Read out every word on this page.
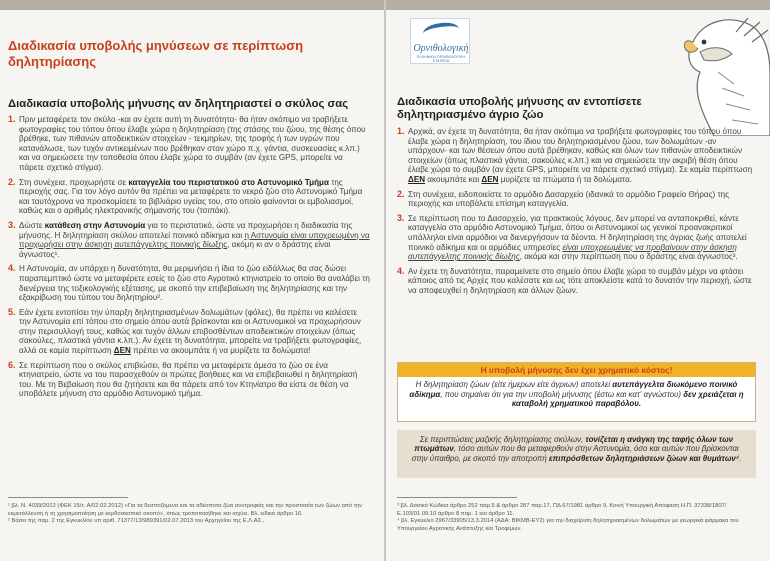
Διαδικασία υποβολής μηνύσεων σε περίπτωση δηλητηρίασης
Διαδικασία υποβολής μήνυσης αν δηλητηριαστεί ο σκύλος σας
1. Πριν μεταφέρετε τον σκύλο -και αν έχετε αυτή τη δυνατότητα- θα ήταν σκόπιμο να τραβήξετε φωτογραφίες του τόπου όπου έλαβε χώρα η δηλητηρίαση (της στάσης του ζώου, της θέσης όπου βρέθηκε, των πιθανών αποδεικτικών στοιχείων - τεκμηρίων, της τροφής ή των υγρών που κατανάλωσε, των τυχόν αντικειμένων που βρέθηκαν στον χώρο π.χ. γάντια, συσκευασίες κ.λπ.) και να σημειώσετε την τοποθεσία όπου έλαβε χώρα το συμβάν (αν έχετε GPS, μπορείτε να πάρετε σχετικό στίγμα).
2. Στη συνέχεια, προχωρήστε σε καταγγελία του περιστατικού στο Αστυνομικό Τμήμα της περιοχής σας. Για τον λόγο αυτόν θα πρέπει να μεταφέρετε το νεκρό ζώο στο Αστυνομικό Τμήμα και ταυτόχρονα να προσκομίσετε το βιβλιάριο υγείας του, στο οποίο φαίνονται οι εμβολιασμοί, καθώς και ο αριθμός ηλεκτρονικής σήμανσής του (τσιπάκι).
3. Δώστε κατάθεση στην Αστυνομία για το περιστατικό, ώστε να προχωρήσει η διαδικασία της μήνυσης. Η δηλητηρίαση σκύλου αποτελεί ποινικό αδίκημα και η Αστυνομία είναι υποχρεωμένη να προχωρήσει στην άσκηση αυτεπάγγελτης ποινικής δίωξης, ακόμη κι αν ο δράστης είναι άγνωστος¹.
4. Η Αστυνομία, αν υπάρχει η δυνατότητα, θα μεριμνήσει ή ίδια το ζώο ειδάλλως θα σας δώσει παραπεμπτικό ώστε να μεταφέρετε εσείς το ζώο στο Αγροτικό κτηνιατρείο το οποίο θα αναλάβει τη διενέργεια της τοξικολογικής εξέτασης, με σκοπό την επιβεβαίωση της δηλητηρίασης και την εξακρίβωση του τύπου του δηλητηρίου².
5. Εάν έχετε εντοπίσει την ύπαρξη δηλητηριασμένων δολωμάτων (φόλες), θα πρέπει να καλέσετε την Αστυνομία επί τόπου στο σημείο όπου αυτά βρίσκονται και οι Αστυνομικοί να προχωρήσουν στην περισυλλογή τους, καθώς και τυχόν άλλων επιβοσθέντων αποδεικτικών στοιχείων (όπως σακούλες, πλαστικά γάντια κ.λπ.). Αν έχετε τη δυνατότητα, μπορείτε να τραβήξετε φωτογραφίες, αλλά σε καμία περίπτωση ΔΕΝ πρέπει να ακουμπάτε ή να μυρίζετε τα δολώματα!
6. Σε περίπτωση που ο σκύλος επιβιώσει, θα πρέπει να μεταφέρετε άμεσα το ζώο σε ένα κτηνιατρείο, ώστε να του παρασχεθούν οι πρώτες βοήθειες και να επιβεβαιωθεί η δηλητηρίασή του. Με τη Βεβαίωση που θα ζητήσετε και θα πάρετε από τον Κτηνίατρο θα είστε σε θέση να υποβάλετε μήνυση στο αρμόδιο Αστυνομικό τμήμα.
¹ βλ. Ν. 4039/2012 (ΦΕΚ 15/τ. Α/02.02.2012) «Για τα δεσποζόμενα και τα αδέσποτα ζώα συντροφιάς και την προστασία των ζώων από την εκμετάλλευση ή τη χρησιμοποίηση με κερδοσκοπικό σκοπό», όπως τροποποιήθηκε και ισχύει. Βλ. ειδικά άρθρο 16.
² Βάσει της παρ. 2 της Εγκυκλίου υπ αριθ. 71377/13/989391/02.07.2013 του Αρχηγείου της Ε.Λ.ΑΣ..
Ορνιθολογική
ΕΛΛΗΝΙΚΗ ΟΡΝΙΘΟΛΟΓΙΚΗ ΕΤΑΙΡΕΙΑ
Διαδικασία υποβολής μήνυσης αν εντοπίσετε δηλητηριασμένο άγριο ζώο
1. Αρχικά, αν έχετε τη δυνατότητα, θα ήταν σκόπιμο να τραβήξετε φωτογραφίες του τόπου όπου έλαβε χώρα η δηλητηρίαση, του ίδιου του δηλητηριασμένου ζώου, των δολωμάτων -αν υπάρχουν- και των θέσεων όπου αυτά βρέθηκαν, καθώς και όλων των πιθανών αποδεικτικών στοιχείων (όπως πλαστικά γάντια, σακούλες κ.λπ.) και να σημειώσετε την ακριβή θέση όπου έλαβε χώρα το συμβάν (αν έχετε GPS, μπορείτε να πάρετε σχετικό στίγμα). Σε καμία περίπτωση ΔΕΝ ακουμπάτε και ΔΕΝ μυρίζετε τα πτώματα ή τα δολώματα.
2. Στη συνέχεια, ειδοποιείστε το αρμόδιο Δασαρχείο (ιδανικά το αρμόδιο Γραφείο Θήρας) της περιοχής και υποβάλετε επίσημη καταγγελία.
3. Σε περίπτωση που το Δασαρχείο, για πρακτικούς λόγους, δεν μπορεί να ανταποκριθεί, κάντε καταγγελία στο αρμόδιο Αστυνομικό Τμήμα, όπου οι Αστυνομικοί ως γενικοί προανακριτικοί υπάλληλοι είναι αρμόδιοι να διενεργήσουν τα δέοντα. Η δηλητηρίαση της άγριας ζωής αποτελεί ποινικό αδίκημα και οι αρμόδιες υπηρεσίες είναι υποχρεωμένες να προβαίνουν στην άσκηση αυτεπάγγελτης ποινικής δίωξης, ακόμα και στην περίπτωση που ο δράστης είναι άγνωστος³.
4. Αν έχετε τη δυνατότητα, παραμείνετε στο σημείο όπου έλαβε χώρα το συμβάν μέχρι να φτάσει κάποιος από τις Αρχές που καλέσατε και ως τότε αποκλείστε κατά το δυνατόν την περιοχή, ώστε να αποφευχθεί η δηλητηρίαση και άλλων ζώων.
Η υποβολή μήνυσης δεν έχει χρηματικό κόστος!
Η δηλητηρίαση ζώων (είτε ήμερων είτε άγριων) αποτελεί αυτεπάγγελτα διωκόμενο ποινικό αδίκημα, που σημαίνει ότι για την υποβολή μήνυσης (έστω και κατ' αγνώστου) δεν χρειάζεται η καταβολή χρηματικού παραβόλου.
Σε περιπτώσεις μαζικής δηλητηρίασης σκύλων, τονίζεται η ανάγκη της ταφής όλων των πτωμάτων, τόσο αυτών που θα μεταφερθούν στην Αστυνομία, όσο και αυτών που βρίσκονται στην ύπαιθρο, με σκοπό την αποτροπή επιπρόσθετων δηλητηριάσεων ζώων και θυμάτων⁴.
³ βλ. Δασικό Κώδικα άρθρο 252 παρ.5 & άρθρο 287 παρ.17, ΠΔ 67/1981 άρθρο 9, Κοινή Υπουργική Απόφαση Η.Π. 37338/1807/Ε.103/01.09.10 άρθρο 8 παρ. 1 και άρθρο 11.
⁴ βλ. Εγκύκλιο 2967/33905/13.3.2014 (ΑΔΑ: ΒΙΚΜΒ-ΕΥ2) για την διαχείριση δηλητηριασμένων δολωμάτων με γεωργικά φάρμακα του Υπουργείου Αγροτικής Ανάπτυξης και Τροφίμων.
